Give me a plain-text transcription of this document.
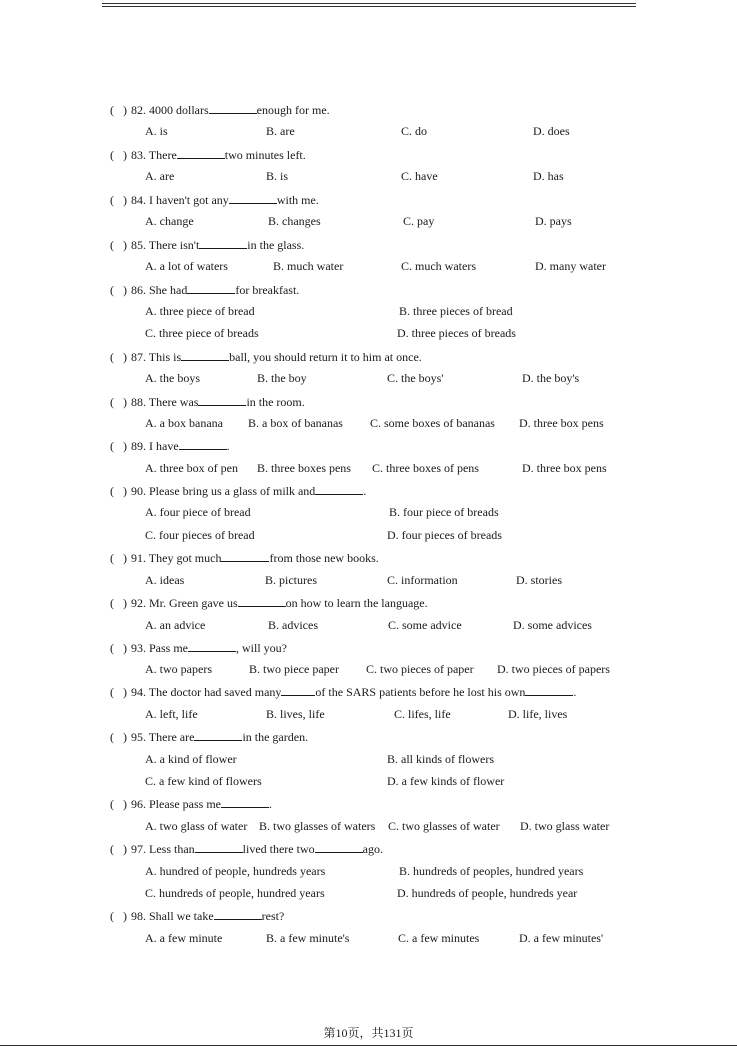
(   ) 82. 4000 dollars	enough for me.
A. is	B. are	C. do	D. does
(   ) 83. There	two minutes left.
A. are	B. is	C. have	D. has
(   ) 84. I haven't got any	with me.
A. change	B. changes	C. pay	D. pays
(   ) 85. There isn't	in the glass.
A. a lot of waters	B. much water	C. much waters	D. many water
(   ) 86. She had	for breakfast.
A. three piece of bread	B. three pieces of bread
C. three piece of breads	D. three pieces of breads
(   ) 87. This is	ball, you should return it to him at once.
A. the boys	B. the boy	C. the boys'	D. the boy's
(   ) 88. There was	in the room.
A. a box banana B. a box of bananas C. some boxes of bananas D. three box pens
(   ) 89. I have	.
A. three box of pen B. three boxes pens C. three boxes of pens	D. three box pens
(   ) 90. Please bring us a glass of milk and	.
A. four piece of bread	B. four piece of breads
C. four pieces of bread	D. four pieces of breads
(   ) 91. They got much	from those new books.
A. ideas	B. pictures	C. information	D. stories
(   ) 92. Mr. Green gave us	on how to learn the language.
A. an advice	B. advices	C. some advice	D. some advices
(   ) 93. Pass me	, will you?
A. two papers	B. two piece paper C. two pieces of paper D. two pieces of papers
(   ) 94. The doctor had saved many	of the SARS patients before he lost his own	.
A. left, life	B. lives, life	C. lifes, life	D. life, lives
(   ) 95. There are	in the garden.
A. a kind of flower	B. all kinds of flowers
C. a few kind of flowers	D. a few kinds of flower
(   ) 96. Please pass me	.
A. two glass of water B. two glasses of waters C. two glasses of water D. two glass water
(   ) 97. Less than	lived there two	ago.
A. hundred of people, hundreds years	B. hundreds of peoples, hundred years
C. hundreds of people, hundred years	D. hundreds of people, hundreds year
(   ) 98. Shall we take	rest?
A. a few minute	B. a few minute's	C. a few minutes	D. a few minutes'
第10页，共131页
